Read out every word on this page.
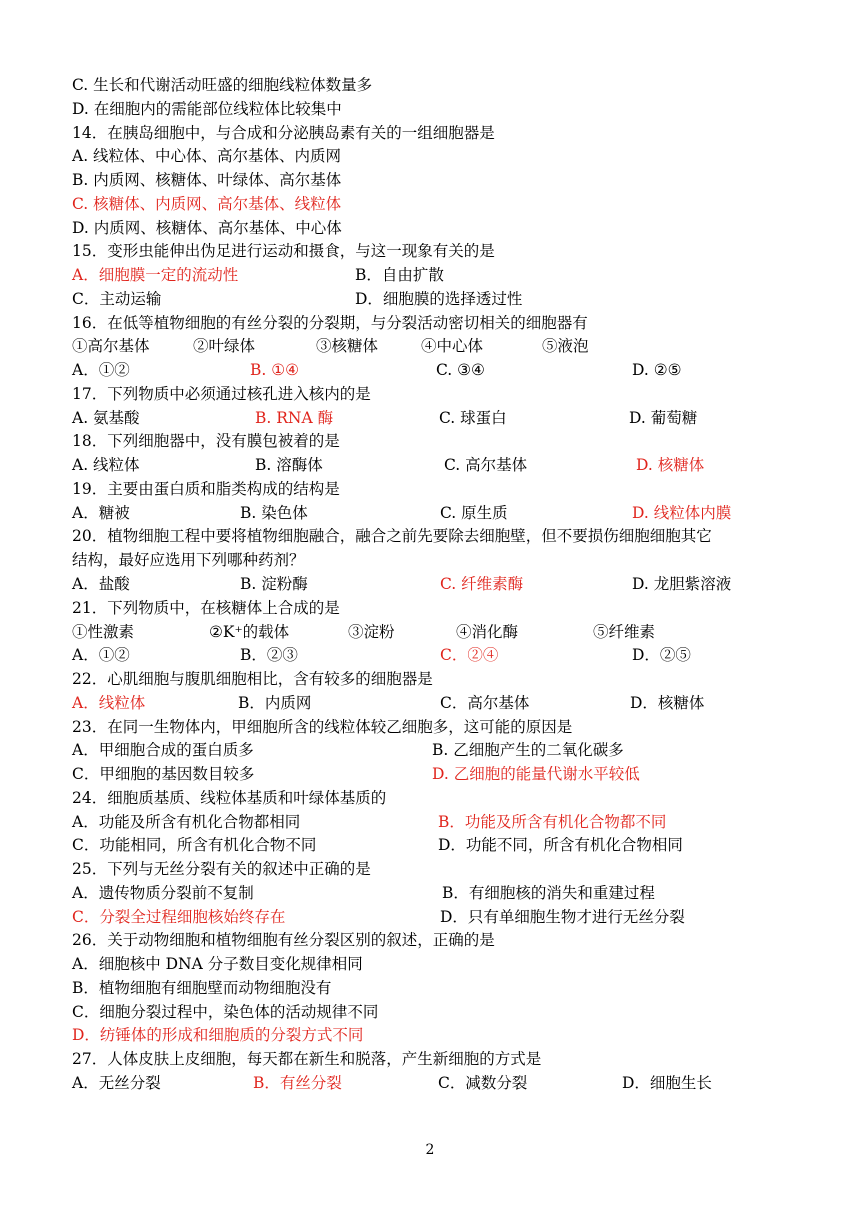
C. 生长和代谢活动旺盛的细胞线粒体数量多
D. 在细胞内的需能部位线粒体比较集中
14．在胰岛细胞中，与合成和分泌胰岛素有关的一组细胞器是
A. 线粒体、中心体、高尔基体、内质网
B. 内质网、核糖体、叶绿体、高尔基体
C. 核糖体、内质网、高尔基体、线粒体
D. 内质网、核糖体、高尔基体、中心体
15．变形虫能伸出伪足进行运动和摄食，与这一现象有关的是
A．细胞膜一定的流动性	B．自由扩散
C．主动运输	D．细胞膜的选择透过性
16．在低等植物细胞的有丝分裂的分裂期，与分裂活动密切相关的细胞器有
①高尔基体	②叶绿体	③核糖体	④中心体	⑤液泡
A．①②	B. ①④	C. ③④	D. ②⑤
17．下列物质中必须通过核孔进入核内的是
A. 氨基酸	B. RNA 酶	C. 球蛋白	D. 葡萄糖
18．下列细胞器中，没有膜包被着的是
A. 线粒体	B. 溶酶体	C. 高尔基体	D. 核糖体
19．主要由蛋白质和脂类构成的结构是
A．糖被	B. 染色体	C. 原生质	D. 线粒体内膜
20．植物细胞工程中要将植物细胞融合，融合之前先要除去细胞壁，但不要损伤细胞细胞其它
结构，最好应选用下列哪种药剂？
A．盐酸	B. 淀粉酶	C. 纤维素酶	D. 龙胆紫溶液
21．下列物质中，在核糖体上合成的是
①性激素	②K⁺的载体	③淀粉	④消化酶	⑤纤维素
A．①②	B．②③	C．②④	D．②⑤
22．心肌细胞与腹肌细胞相比，含有较多的细胞器是
A．线粒体	B．内质网	C．高尔基体	D．核糖体
23．在同一生物体内，甲细胞所含的线粒体较乙细胞多，这可能的原因是
A．甲细胞合成的蛋白质多	B. 乙细胞产生的二氧化碳多
C．甲细胞的基因数目较多	D. 乙细胞的能量代谢水平较低
24．细胞质基质、线粒体基质和叶绿体基质的
A．功能及所含有机化合物都相同	B．功能及所含有机化合物都不同
C．功能相同，所含有机化合物不同	D．功能不同，所含有机化合物相同
25．下列与无丝分裂有关的叙述中正确的是
A．遗传物质分裂前不复制	B．有细胞核的消失和重建过程
C．分裂全过程细胞核始终存在	D．只有单细胞生物才进行无丝分裂
26．关于动物细胞和植物细胞有丝分裂区别的叙述，正确的是
A．细胞核中 DNA 分子数目变化规律相同
B．植物细胞有细胞壁而动物细胞没有
C．细胞分裂过程中，染色体的活动规律不同
D．纺锤体的形成和细胞质的分裂方式不同
27．人体皮肤上皮细胞，每天都在新生和脱落，产生新细胞的方式是
A．无丝分裂	B．有丝分裂	C．减数分裂	D．细胞生长
2
